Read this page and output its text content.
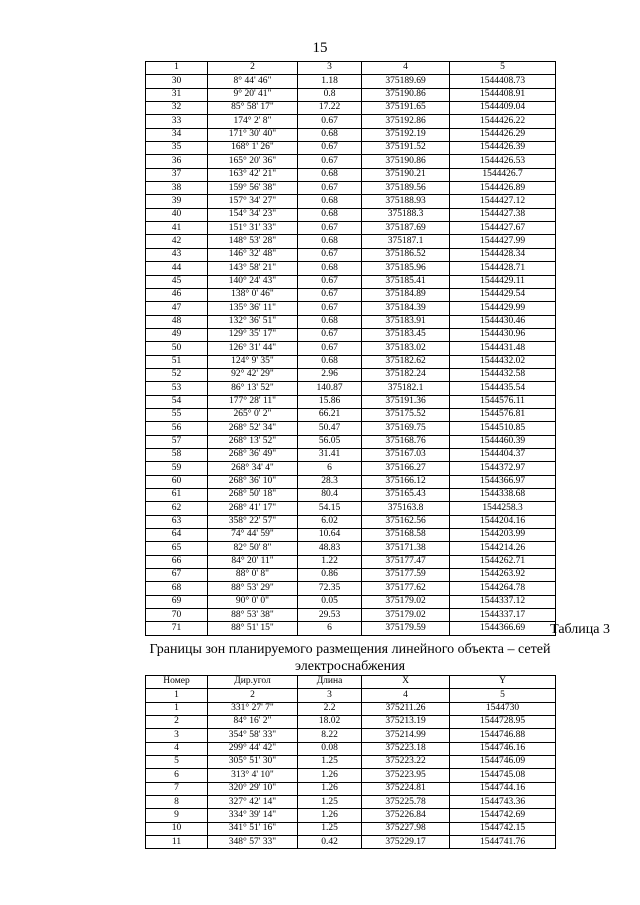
15
1	2	3	4	5
30	8° 44' 46"	1.18	375189.69	1544408.73
31	9° 20' 41"	0.8	375190.86	1544408.91
32	85° 58' 17"	17.22	375191.65	1544409.04
33	174° 2' 8"	0.67	375192.86	1544426.22
34	171° 30' 40"	0.68	375192.19	1544426.29
35	168° 1' 26"	0.67	375191.52	1544426.39
36	165° 20' 36"	0.67	375190.86	1544426.53
37	163° 42' 21"	0.68	375190.21	1544426.7
38	159° 56' 38"	0.67	375189.56	1544426.89
39	157° 34' 27"	0.68	375188.93	1544427.12
40	154° 34' 23"	0.68	375188.3	1544427.38
41	151° 31' 33"	0.67	375187.69	1544427.67
42	148° 53' 28"	0.68	375187.1	1544427.99
43	146° 32' 48"	0.67	375186.52	1544428.34
44	143° 58' 21"	0.68	375185.96	1544428.71
45	140° 24' 43"	0.67	375185.41	1544429.11
46	138° 0' 46"	0.67	375184.89	1544429.54
47	135° 36' 11"	0.67	375184.39	1544429.99
48	132° 36' 51"	0.68	375183.91	1544430.46
49	129° 35' 17"	0.67	375183.45	1544430.96
50	126° 31' 44"	0.67	375183.02	1544431.48
51	124° 9' 35"	0.68	375182.62	1544432.02
52	92° 42' 29"	2.96	375182.24	1544432.58
53	86° 13' 52"	140.87	375182.1	1544435.54
54	177° 28' 11"	15.86	375191.36	1544576.11
55	265° 0' 2"	66.21	375175.52	1544576.81
56	268° 52' 34"	50.47	375169.75	1544510.85
57	268° 13' 52"	56.05	375168.76	1544460.39
58	268° 36' 49"	31.41	375167.03	1544404.37
59	268° 34' 4"	6	375166.27	1544372.97
60	268° 36' 10"	28.3	375166.12	1544366.97
61	268° 50' 18"	80.4	375165.43	1544338.68
62	268° 41' 17"	54.15	375163.8	1544258.3
63	358° 22' 57"	6.02	375162.56	1544204.16
64	74° 44' 59"	10.64	375168.58	1544203.99
65	82° 50' 8"	48.83	375171.38	1544214.26
66	84° 20' 11"	1.22	375177.47	1544262.71
67	88° 0' 8"	0.86	375177.59	1544263.92
68	88° 53' 29"	72.35	375177.62	1544264.78
69	90° 0' 0"	0.05	375179.02	1544337.12
70	88° 53' 38"	29.53	375179.02	1544337.17
71	88° 51' 15"	6	375179.59	1544366.69 Таблица 3
Границы зон планируемого размещения линейного объекта – сетей электроснабжения
Номер	Дир.угол	Длина	X	Y
1	2	3	4	5
1	331° 27' 7"	2.2	375211.26	1544730
2	84° 16' 2"	18.02	375213.19	1544728.95
3	354° 58' 33"	8.22	375214.99	1544746.88
4	299° 44' 42"	0.08	375223.18	1544746.16
5	305° 51' 30"	1.25	375223.22	1544746.09
6	313° 4' 10"	1.26	375223.95	1544745.08
7	320° 29' 10"	1.26	375224.81	1544744.16
8	327° 42' 14"	1.25	375225.78	1544743.36
9	334° 39' 14"	1.26	375226.84	1544742.69
10	341° 51' 16"	1.25	375227.98	1544742.15
11	348° 57' 33"	0.42	375229.17	1544741.76
